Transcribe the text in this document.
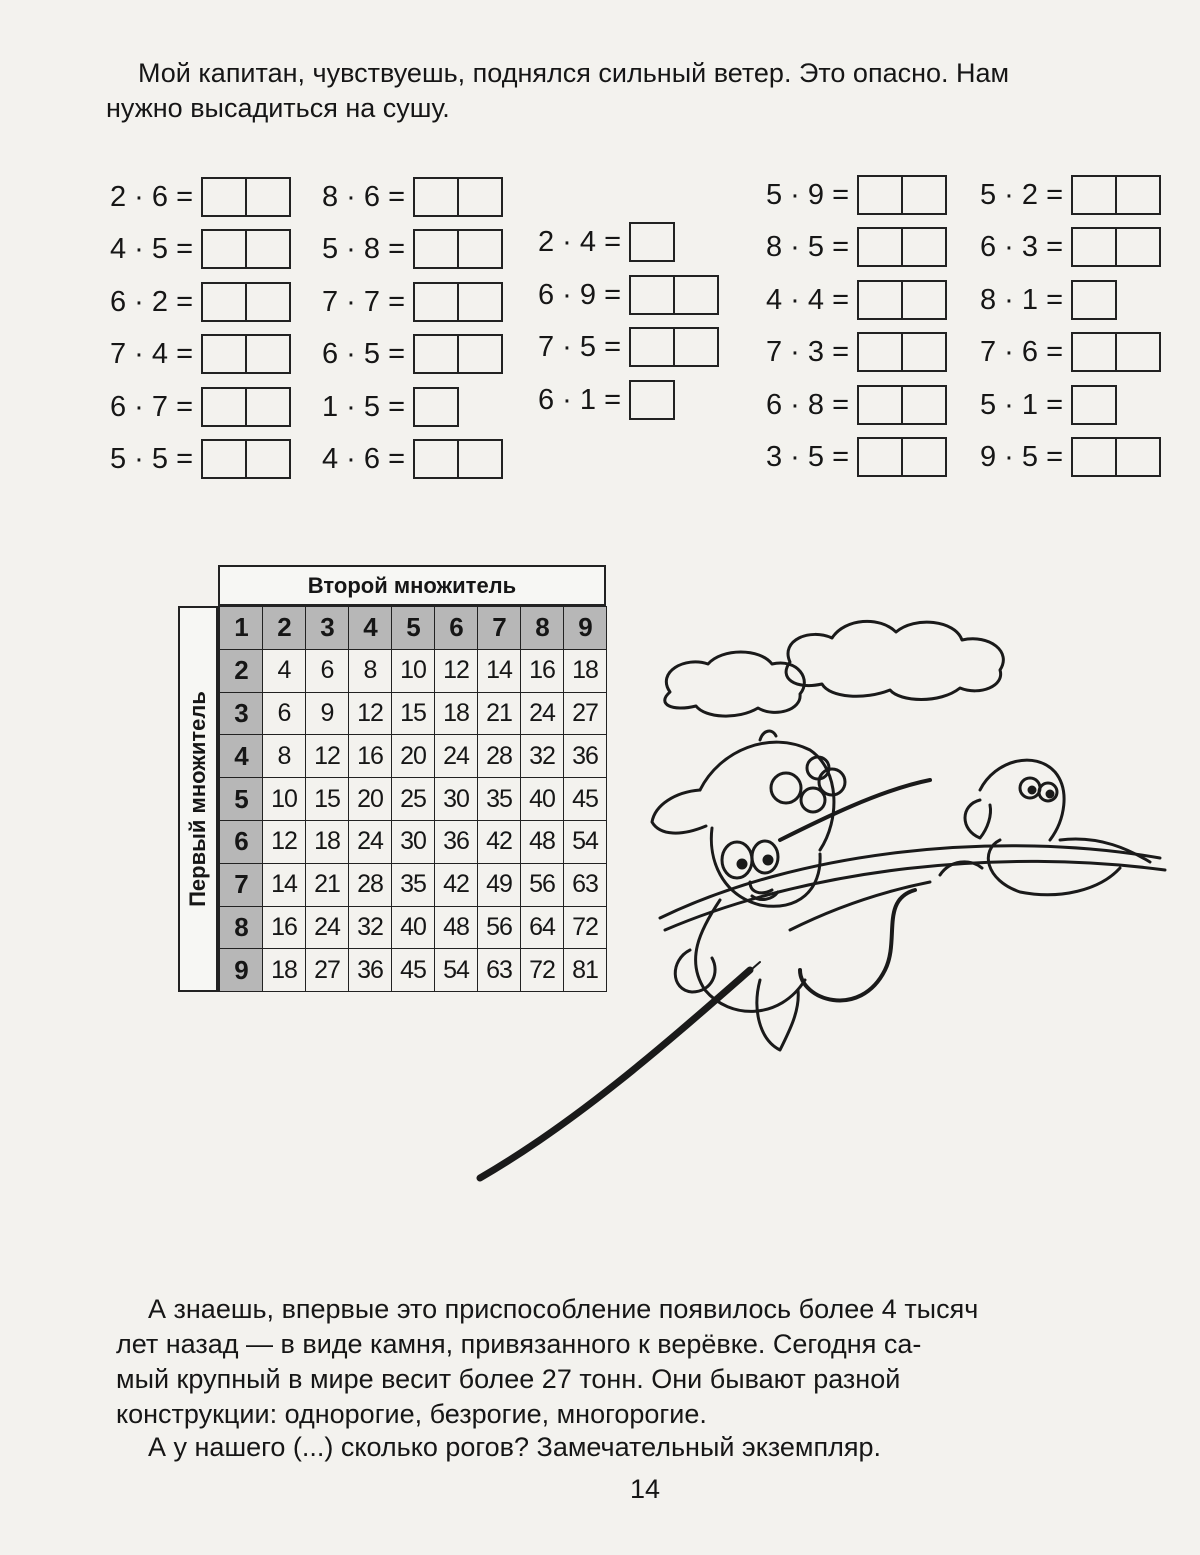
Мой капитан, чувствуешь, поднялся сильный ветер. Это опасно. Нам
нужно высадиться на сушу.

2 · 6 =
4 · 5 =
6 · 2 =
7 · 4 =
6 · 7 =
5 · 5 =
8 · 6 =
5 · 8 =
7 · 7 =
6 · 5 =
1 · 5 =
4 · 6 =
2 · 4 =
6 · 9 =
7 · 5 =
6 · 1 =
5 · 9 =
8 · 5 =
4 · 4 =
7 · 3 =
6 · 8 =
3 · 5 =
5 · 2 =
6 · 3 =
8 · 1 =
7 · 6 =
5 · 1 =
9 · 5 =
Второй множитель
Первый множитель
1	2	3	4	5	6	7	8	9
2	4	6	8 10 12 14 16 18
3	6	9 12 15 18 21 24 27
4	8 12 16 20 24 28 32 36
5 10 15 20 25 30 35 40 45
6 12 18 24 30 36 42 48 54
7 14 21 28 35 42 49 56 63
8 16 24 32 40 48 56 64 72
9 18 27 36 45 54 63 72 81
А знаешь, впервые это приспособление появилось более 4 тысяч
лет назад — в виде камня, привязанного к верёвке. Сегодня са-
мый крупный в мире весит более 27 тонн. Они бывают разной
конструкции: однорогие, безрогие, многорогие.

А у нашего (...) сколько рогов? Замечательный экземпляр.

14
